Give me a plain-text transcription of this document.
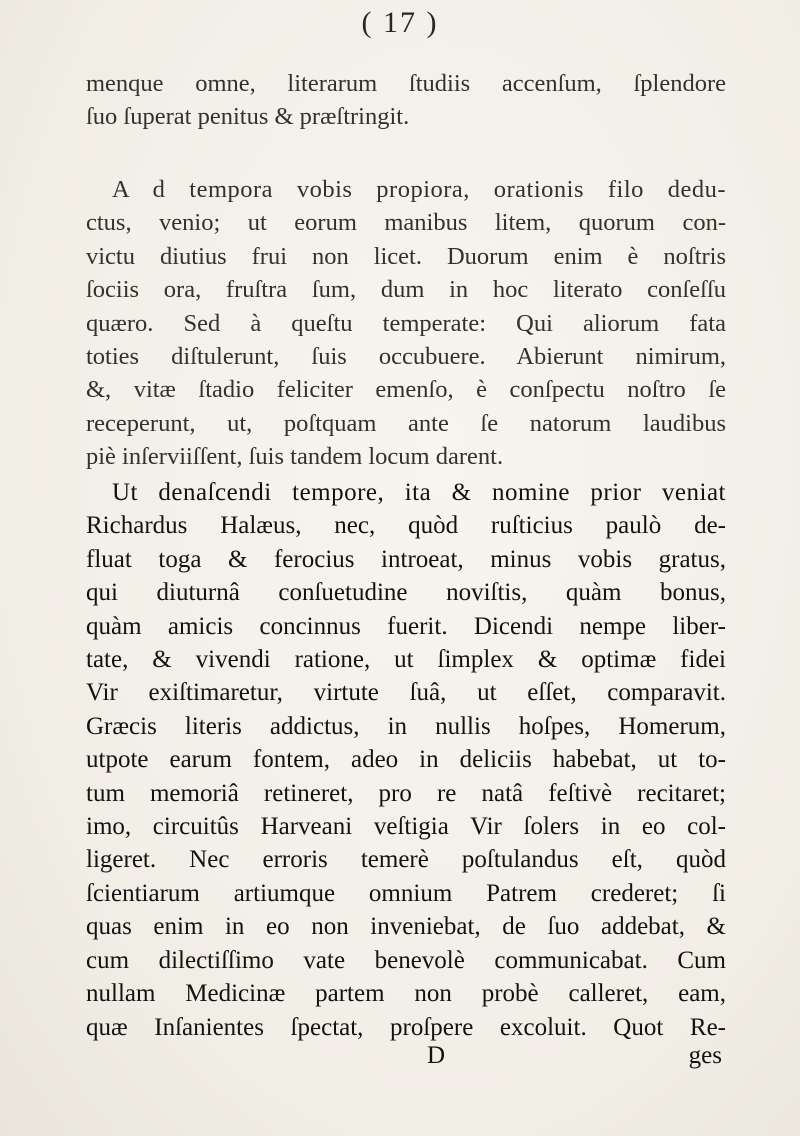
( 17 )
menque omne, literarum ſtudiis accenſum, ſplendore
ſuo ſuperat penitus & præſtringit.
A d tempora vobis propiora, orationis filo dedu-
ctus, venio; ut eorum manibus litem, quorum con-
victu diutius frui non licet. Duorum enim è noſtris
ſociis ora, fruſtra ſum, dum in hoc literato conſeſſu
quæro. Sed à queſtu temperate: Qui aliorum fata
toties diſtulerunt, ſuis occubuere. Abierunt nimirum,
&, vitæ ſtadio feliciter emenſo, è conſpectu noſtro ſe
receperunt, ut, poſtquam ante ſe natorum laudibus
piè inſerviiſſent, ſuis tandem locum darent.
Ut denaſcendi tempore, ita & nomine prior veniat
Richardus Halæus, nec, quòd ruſticius paulò de-
fluat toga & ferocius introeat, minus vobis gratus,
qui diuturnâ conſuetudine noviſtis, quàm bonus,
quàm amicis concinnus fuerit. Dicendi nempe liber-
tate, & vivendi ratione, ut ſimplex & optimæ fidei
Vir exiſtimaretur, virtute ſuâ, ut eſſet, comparavit.
Græcis literis addictus, in nullis hoſpes, Homerum,
utpote earum fontem, adeo in deliciis habebat, ut to-
tum memoriâ retineret, pro re natâ feſtivè recitaret;
imo, circuitûs Harveani veſtigia Vir ſolers in eo col-
ligeret. Nec erroris temerè poſtulandus eſt, quòd
ſcientiarum artiumque omnium Patrem crederet; ſi
quas enim in eo non inveniebat, de ſuo addebat, &
cum dilectiſſimo vate benevolè communicabat. Cum
nullam Medicinæ partem non probè calleret, eam,
quæ Inſanientes ſpectat, proſpere excoluit. Quot Re-
D	ges
